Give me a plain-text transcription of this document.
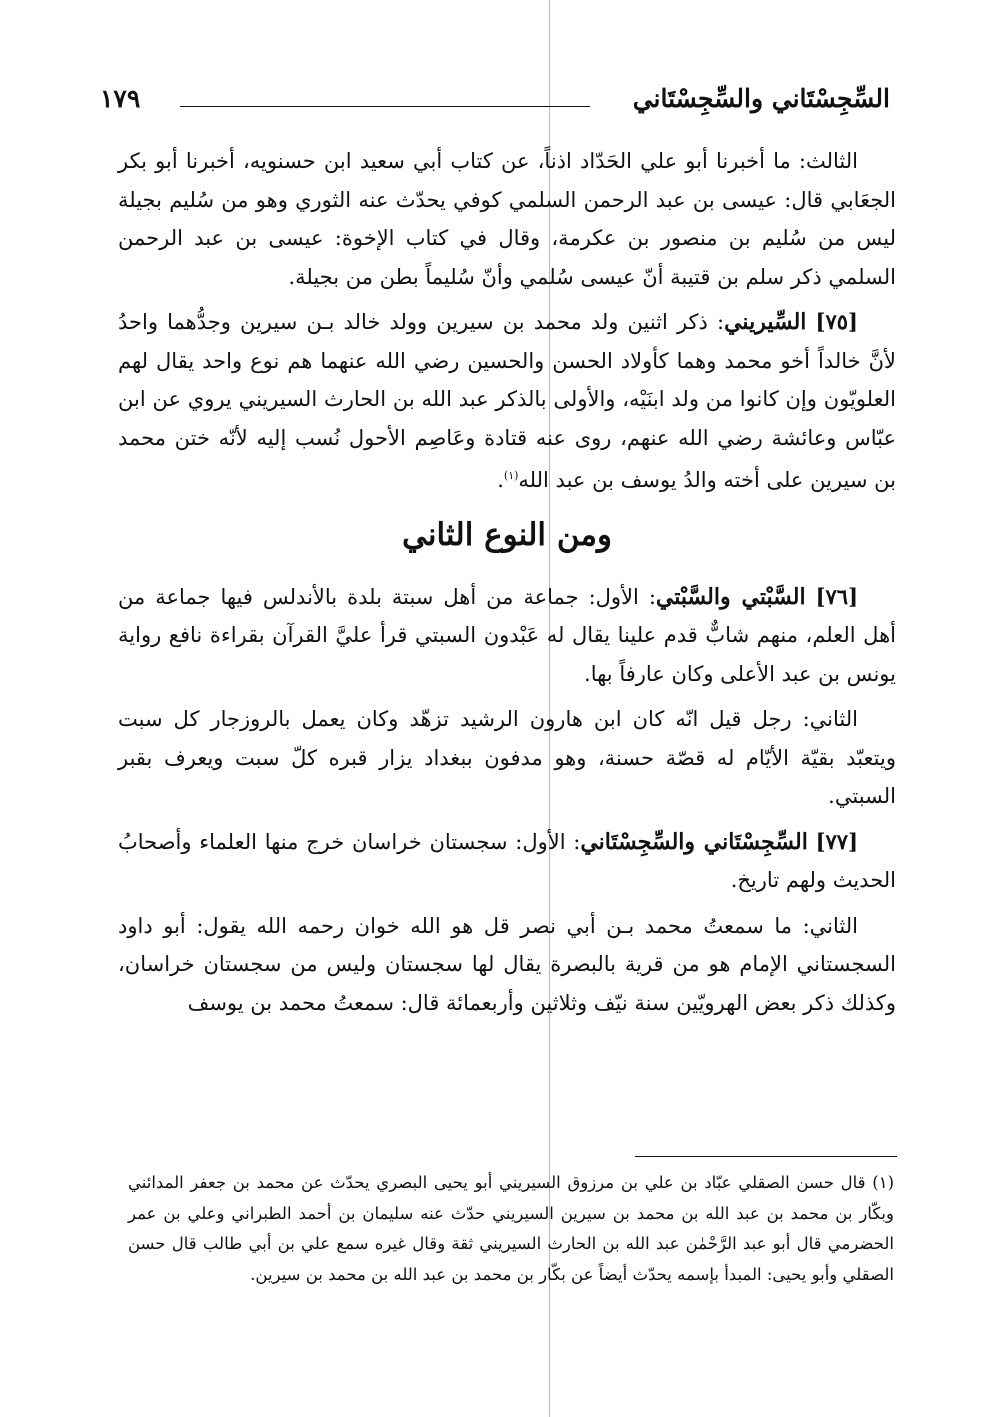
السِّجِسْتَاني والسِّجِسْتَاني
١٧٩

الثالث: ما أخبرنا أبو علي الحَدّاد اذناً، عن كتاب أبي سعيد ابن حسنويه، أخبرنا أبو بكر الجعَابي قال: عيسى بن عبد الرحمن السلمي كوفي يحدّث عنه الثوري وهو من سُليم بجيلة ليس من سُليم بن منصور بن عكرمة، وقال في كتاب الإخوة: عيسى بن عبد الرحمن السلمي ذكر سلم بن قتيبة أنّ عيسى سُلمي وأنّ سُليماً بطن من بجيلة.

[٧٥] السِّيريني: ذكر اثنين ولد محمد بن سيرين وولد خالد بـن سيرين وجدُّهما واحدُ لأنَّ خالداً أخو محمد وهما كأولاد الحسن والحسين رضي الله عنهما هم نوع واحد يقال لهم العلويّون وإن كانوا من ولد ابنَيْه، والأولى بالذكر عبد الله بن الحارث السيريني يروي عن ابن عبّاس وعائشة رضي الله عنهم، روى عنه قتادة وعَاصِم الأحول نُسب إليه لأنّه ختن محمد بن سيرين على أخته والدُ يوسف بن عبد الله$^{(١)}$.

ومن النوع الثاني

[٧٦] السَّبْتي والسَّبْتي: الأول: جماعة من أهل سبتة بلدة بالأندلس فيها جماعة من أهل العلم، منهم شابٌّ قدم علينا يقال له عَبْدون السبتي قرأ عليَّ القرآن بقراءة نافع رواية يونس بن عبد الأعلى وكان عارفاً بها.

الثاني: رجل قيل انّه كان ابن هارون الرشيد تزهّد وكان يعمل بالروزجار كل سبت ويتعبّد بقيّة الأيّام له قصّة حسنة، وهو مدفون ببغداد يزار قبره كلّ سبت ويعرف بقبر السبتي.

[٧٧] السِّجِسْتَاني والسِّجِسْتَاني: الأول: سجستان خراسان خرج منها العلماء وأصحابُ الحديث ولهم تاريخ.

الثاني: ما سمعتُ محمد بـن أبي نصر قل هو الله خوان رحمه الله يقول: أبو داود السجستاني الإمام هو من قرية بالبصرة يقال لها سجستان وليس من سجستان خراسان، وكذلك ذكر بعض الهرويّين سنة نيّف وثلاثين وأربعمائة قال: سمعتُ محمد بن يوسف

(١) قال حسن الصقلي عبّاد بن علي بن مرزوق السيريني أبو يحيى البصري يحدّث عن محمد بن جعفر المدائني وبكّار بن محمد بن عبد الله بن محمد بن سيرين السيريني حدّث عنه سليمان بن أحمد الطبراني وعلي بن عمر الحضرمي قال أبو عبد الرَّحْمٰن عبد الله بن الحارث السيريني ثقة وقال غيره سمع علي بن أبي طالب قال حسن الصقلي وأبو يحيى: المبدأ بإسمه يحدّث أيضاً عن بكّار بن محمد بن عبد الله بن محمد بن سيرين.
